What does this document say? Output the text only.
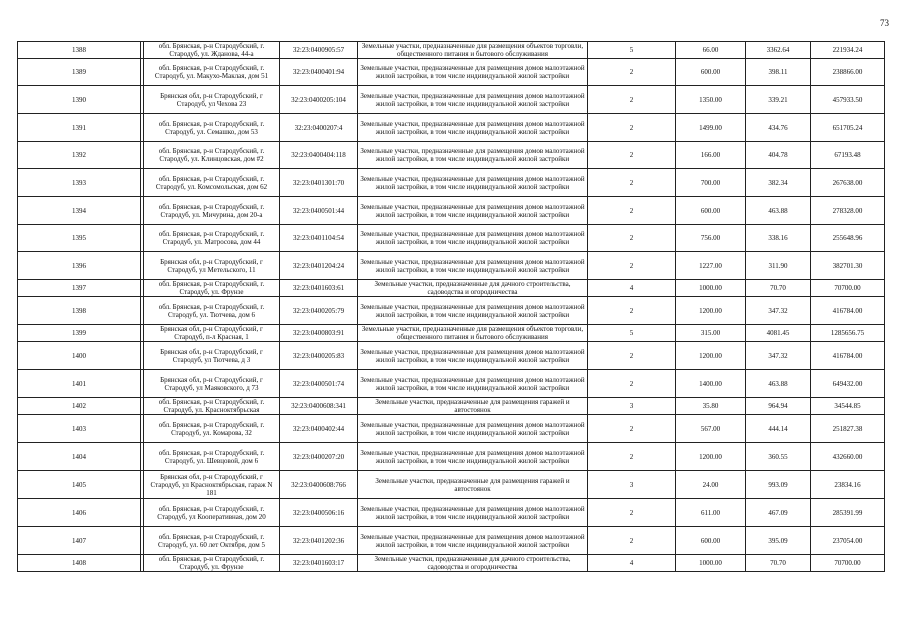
73
1388		обл. Брянская, р-н Стародубский, г. Стародуб, ул. Жданова, 44-а	32:23:0400905:57	Земельные участки, предназначенные для размещения объектов торговли, общественного питания и бытового обслуживания	5	66.00	3362.64	221934.24
1389		обл. Брянская, р-н Стародубский, г. Стародуб, ул. Макухо-Маклая, дом 51	32:23:0400401:94	Земельные участки, предназначенные для размещения домов малоэтажной жилой застройки, в том числе индивидуальной жилой застройки	2	600.00	398.11	238866.00
1390		Брянская обл, р-н Стародубский, г Стародуб, ул Чехова 23	32:23:0400205:104	Земельные участки, предназначенные для размещения домов малоэтажной жилой застройки, в том числе индивидуальной жилой застройки	2	1350.00	339.21	457933.50
1391		обл. Брянская, р-н Стародубский, г. Стародуб, ул. Семашко, дом 53	32:23:0400207:4	Земельные участки, предназначенные для размещения домов малоэтажной жилой застройки, в том числе индивидуальной жилой застройки	2	1499.00	434.76	651705.24
1392		обл. Брянская, р-н Стародубский, г. Стародуб, ул. Клинцовская, дом #2	32:23:0400404:118	Земельные участки, предназначенные для размещения домов малоэтажной жилой застройки, в том числе индивидуальной жилой застройки	2	166.00	404.78	67193.48
1393		обл. Брянская, р-н Стародубский, г. Стародуб, ул. Комсомольская, дом 62	32:23:0401301:70	Земельные участки, предназначенные для размещения домов малоэтажной жилой застройки, в том числе индивидуальной жилой застройки	2	700.00	382.34	267638.00
1394		обл. Брянская, р-н Стародубский, г. Стародуб, ул. Мичурина, дом 20-а	32:23:0400501:44	Земельные участки, предназначенные для размещения домов малоэтажной жилой застройки, в том числе индивидуальной жилой застройки	2	600.00	463.88	278328.00
1395		обл. Брянская, р-н Стародубский, г. Стародуб, ул. Матросова, дом 44	32:23:0401104:54	Земельные участки, предназначенные для размещения домов малоэтажной жилой застройки, в том числе индивидуальной жилой застройки	2	756.00	338.16	255648.96
1396		Брянская обл, р-н Стародубский, г Стародуб, ул Метельского, 11	32:23:0401204:24	Земельные участки, предназначенные для размещения домов малоэтажной жилой застройки, в том числе индивидуальной жилой застройки	2	1227.00	311.90	382701.30
1397		обл. Брянская, р-н Стародубский, г. Стародуб, ул. Фрунзе	32:23:0401603:61	Земельные участки, предназначенные для дачного строительства, садоводства и огородничества	4	1000.00	70.70	70700.00
1398		обл. Брянская, р-н Стародубский, г. Стародуб, ул. Тютчева, дом 6	32:23:0400205:79	Земельные участки, предназначенные для размещения домов малоэтажной жилой застройки, в том числе индивидуальной жилой застройки	2	1200.00	347.32	416784.00
1399		Брянская обл, р-н Стародубский, г Стародуб, п-л Красная, 1	32:23:0400803:91	Земельные участки, предназначенные для размещения объектов торговли, общественного питания и бытового обслуживания	5	315.00	4081.45	1285656.75
1400		Брянская обл, р-н Стародубский, г Стародуб, ул Тютчева, д 3	32:23:0400205:83	Земельные участки, предназначенные для размещения домов малоэтажной жилой застройки, в том числе индивидуальной жилой застройки	2	1200.00	347.32	416784.00
1401		Брянская обл, р-н Стародубский, г Стародуб, ул Маяковского, д 73	32:23:0400501:74	Земельные участки, предназначенные для размещения домов малоэтажной жилой застройки, в том числе индивидуальной жилой застройки	2	1400.00	463.88	649432.00
1402		обл. Брянская, р-н Стародубский, г. Стародуб, ул. Красноктябрьская	32:23:0400608:341	Земельные участки, предназначенные для размещения гаражей и автостоянок	3	35.80	964.94	34544.85
1403		обл. Брянская, р-н Стародубский, г. Стародуб, ул. Комарова, 32	32:23:0400402:44	Земельные участки, предназначенные для размещения домов малоэтажной жилой застройки, в том числе индивидуальной жилой застройки	2	567.00	444.14	251827.38
1404		обл. Брянская, р-н Стародубский, г. Стародуб, ул. Шевцовой, дом 6	32:23:0400207:20	Земельные участки, предназначенные для размещения домов малоэтажной жилой застройки, в том числе индивидуальной жилой застройки	2	1200.00	360.55	432660.00
1405		Брянская обл, р-н Стародубский, г Стародуб, ул Красноктябрьская, гараж N 181	32:23:0400608:766	Земельные участки, предназначенные для размещения гаражей и автостоянок	3	24.00	993.09	23834.16
1406		обл. Брянская, р-н Стародубский, г. Стародуб, ул Кооперативная, дом 20	32:23:0400506:16	Земельные участки, предназначенные для размещения домов малоэтажной жилой застройки, в том числе индивидуальной жилой застройки	2	611.00	467.09	285391.99
1407		обл. Брянская, р-н Стародубский, г. Стародуб, ул. 60 лет Октября, дом 5	32:23:0401202:36	Земельные участки, предназначенные для размещения домов малоэтажной жилой застройки, в том числе индивидуальной жилой застройки	2	600.00	395.09	237054.00
1408		обл. Брянская, р-н Стародубский, г. Стародуб, ул. Фрунзе	32:23:0401603:17	Земельные участки, предназначенные для дачного строительства, садоводства и огородничества	4	1000.00	70.70	70700.00
